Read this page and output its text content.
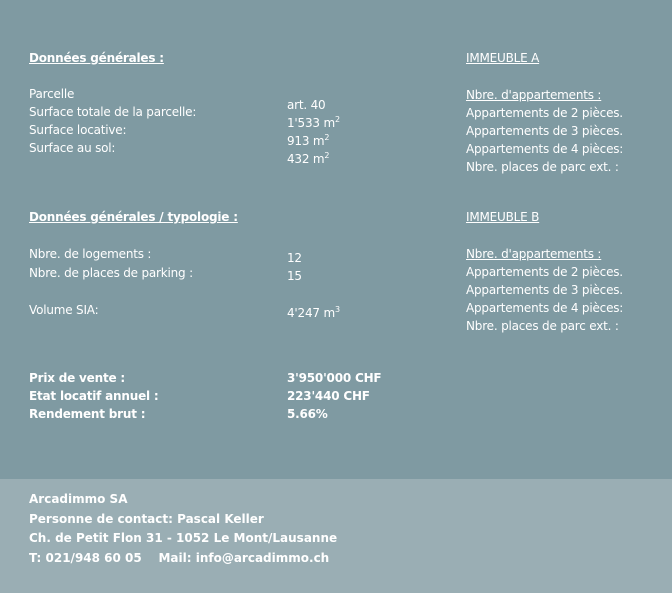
Données générales :
Parcelle
Surface totale de la parcelle:
Surface locative:
Surface au sol:
art. 40
1'533 $m^2$
913 $m^2$
432 $m^2$
Données générales / typologie :
Nbre. de logements :
Nbre. de places de parking :
12
15
Volume SIA:	4'247 $m^3$
Prix de vente :
Etat locatif annuel :
Rendement brut :
3'950'000 CHF
223'440 CHF
5.66%
IMMEUBLE A
Nbre. d'appartements :
Appartements de 2 pièces.
Appartements de 3 pièces.
Appartements de 4 pièces:
Nbre. places de parc ext. :
IMMEUBLE B
Nbre. d'appartements :
Appartements de 2 pièces.
Appartements de 3 pièces.
Appartements de 4 pièces:
Nbre. places de parc ext. :
Arcadimmo SA
Personne de contact: Pascal Keller
Ch. de Petit Flon 31 - 1052 Le Mont/Lausanne
T: 021/948 60 05 Mail: info@arcadimmo.ch
